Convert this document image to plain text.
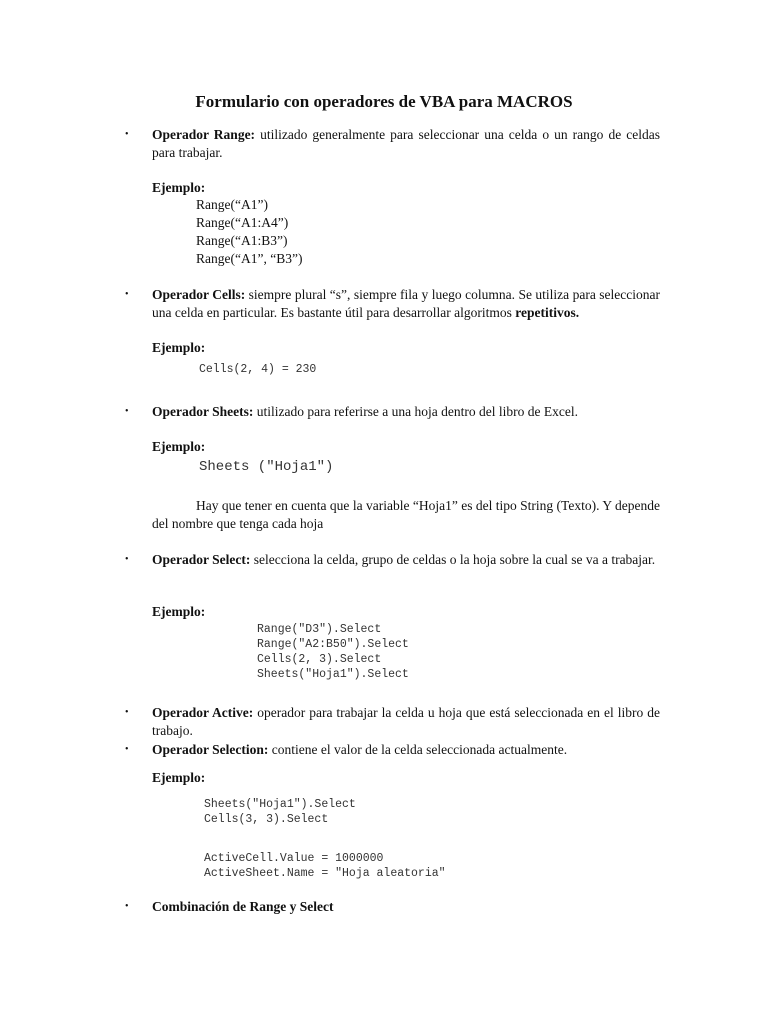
Formulario con operadores de VBA para MACROS
• Operador Range: utilizado generalmente para seleccionar una celda o un rango de celdas para trabajar.
Ejemplo:
Range(“A1”)
Range(“A1:A4”)
Range(“A1:B3”)
Range(“A1”, “B3”)
• Operador Cells: siempre plural “s”, siempre fila y luego columna. Se utiliza para seleccionar una celda en particular. Es bastante útil para desarrollar algoritmos repetitivos.
Ejemplo:
Cells(2, 4) = 230
• Operador Sheets: utilizado para referirse a una hoja dentro del libro de Excel.
Ejemplo:
Sheets ("Hoja1")
Hay que tener en cuenta que la variable “Hoja1” es del tipo String (Texto). Y depende del nombre que tenga cada hoja
• Operador Select: selecciona la celda, grupo de celdas o la hoja sobre la cual se va a trabajar.
Ejemplo:
Range("D3").Select
Range("A2:B50").Select
Cells(2, 3).Select
Sheets("Hoja1").Select
• Operador Active: operador para trabajar la celda u hoja que está seleccionada en el libro de trabajo.
• Operador Selection: contiene el valor de la celda seleccionada actualmente.
Ejemplo:
Sheets("Hoja1").Select
Cells(3, 3).Select
ActiveCell.Value = 1000000
ActiveSheet.Name = "Hoja aleatoria"
• Combinación de Range y Select
